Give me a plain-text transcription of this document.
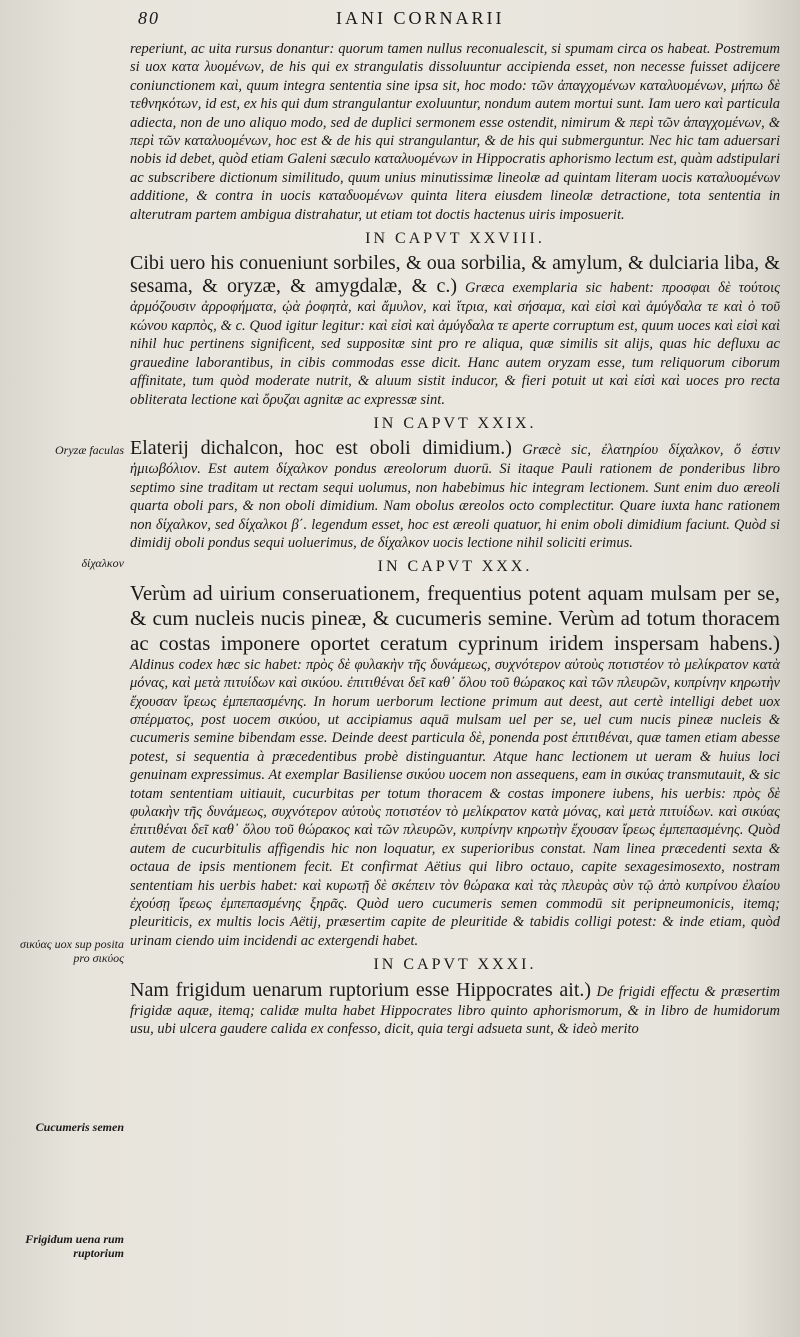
80	IANI CORNARII
Oryzæ faculas
δίχαλκον
σικύας uox sup posita pro σικύος
Cucumeris semen
Frigidum uena rum ruptorium

reperiunt, ac uita rursus donantur: quorum tamen nullus reconualescit, si spumam circa os habeat. Postremum si uox κατα λυομένων, de his qui ex strangulatis dissoluuntur accipienda esset, non necesse fuisset adijcere coniunctionem καὶ, quum integra sententia sine ipsa sit, hoc modo: τῶν ἀπαγχομένων καταλυομένων, μήπω δὲ τεθνηκότων, id est, ex his qui dum strangulantur exoluuntur, nondum autem mortui sunt. Iam uero καὶ particula adiecta, non de uno aliquo modo, sed de duplici sermonem esse ostendit, nimirum & περὶ τῶν ἀπαγχομένων, & περὶ τῶν καταλυομένων, hoc est & de his qui strangulantur, & de his qui submerguntur. Nec hic tam aduersari nobis id debet, quòd etiam Galeni sæculo καταλυομένων in Hippocratis aphorismo lectum est, quàm adstipulari ac subscribere dictionum similitudo, quum unius minutissimæ lineolæ ad quintam literam uocis καταλυομένων additione, & contra in uocis καταδυομένων quinta litera eiusdem lineolæ detractione, tota sententia in alterutram partem ambigua distrahatur, ut etiam tot doctis hactenus uiris imposuerit.

IN CAPVT XXVIII.

Cibi uero his conueniunt sorbiles, & oua sorbilia, & amylum, & dulciaria liba, & sesama, & oryzæ, & amygdalæ, & c.) Græca exemplaria sic habent: προσφαι δὲ τούτοις ἁρμόζουσιν ἀρροφήματα, ᾠὰ ῥοφητὰ, καὶ ἄμυλον, καὶ ἴτρια, καὶ σήσαμα, καὶ εἰσὶ καὶ ἀμύγδαλα τε καὶ ὁ τοῦ κώνου καρπὸς, & c. Quod igitur legitur: καὶ εἰσὶ καὶ ἀμύγδαλα τε aperte corruptum est, quum uoces καὶ εἰσὶ καὶ nihil huc pertinens significent, sed suppositæ sint pro re aliqua, quæ similis sit alijs, quas hic defluxu ac grauedine laborantibus, in cibis commodas esse dicit. Hanc autem oryzam esse, tum reliquorum ciborum affinitate, tum quòd moderate nutrit, & aluum sistit inducor, & fieri potuit ut καὶ εἰσὶ καὶ uoces pro recta obliterata lectione καὶ ὄρυζαι agnitæ ac expressæ sint.

IN CAPVT XXIX.

Elaterij dichalcon, hoc est oboli dimidium.) Græcè sic, ἐλατηρίου δίχαλκον, ὅ ἐστιν ἡμιωβόλιον. Est autem δίχαλκον pondus æreolorum duorū. Si itaque Pauli rationem de ponderibus libro septimo sine traditam ut rectam sequi uolumus, non habebimus hic integram lectionem. Sunt enim duo æreoli quarta oboli pars, & non oboli dimidium. Nam obolus æreolos octo complectitur. Quare iuxta hanc rationem non δίχαλκον, sed δίχαλκοι β΄. legendum esset, hoc est æreoli quatuor, hi enim oboli dimidium faciunt. Quòd si dimidij oboli pondus sequi uoluerimus, de δίχαλκον uocis lectione nihil soliciti erimus.

IN CAPVT XXX.

Verùm ad uirium conseruationem, frequentius potent aquam mulsam per se, & cum nucleis nucis pineæ, & cucumeris semine. Verùm ad totum thoracem ac costas imponere oportet ceratum cyprinum iridem inspersam habens.) Aldinus codex hæc sic habet: πρὸς δὲ φυλακὴν τῆς δυνάμεως, συχνότερον αὐτοὺς ποτιστέον τὸ μελίκρατον κατὰ μόνας, καὶ μετὰ πιτυίδων καὶ σικύου. ἐπιτιθέναι δεῖ καθ᾿ ὅλου τοῦ θώρακος καὶ τῶν πλευρῶν, κυπρίνην κηρωτὴν ἔχουσαν ἴρεως ἐμπεπασμένης. In horum uerborum lectione primum aut deest, aut certè intelligi debet uox σπέρματος, post uocem σικύου, ut accipiamus aquā mulsam uel per se, uel cum nucis pineæ nucleis & cucumeris semine bibendam esse. Deinde deest particula δὲ, ponenda post ἐπιτιθέναι, quæ tamen etiam abesse potest, si sequentia à præcedentibus probè distinguantur. Atque hanc lectionem ut ueram & huius loci genuinam expressimus. At exemplar Basiliense σικύου uocem non assequens, eam in σικύας transmutauit, & sic totam sententiam uitiauit, cucurbitas per totum thoracem & costas imponere iubens, his uerbis: πρὸς δὲ φυλακὴν τῆς δυνάμεως, συχνότερον αὐτοὺς ποτιστέον τὸ μελίκρατον κατὰ μόνας, καὶ μετὰ πιτυίδων. καὶ σικύας ἐπιτιθέναι δεῖ καθ᾿ ὅλου τοῦ θώρακος καὶ τῶν πλευρῶν, κυπρίνην κηρωτὴν ἔχουσαν ἴρεως ἐμπεπασμένης. Quòd autem de cucurbitulis affigendis hic non loquatur, ex superioribus constat. Nam linea præcedenti sexta & octaua de ipsis mentionem fecit. Et confirmat Aëtius qui libro octauo, capite sexagesimosexto, nostram sententiam his uerbis habet: καὶ κυρωτῇ δὲ σκέπειν τὸν θώρακα καὶ τὰς πλευρὰς σὺν τῷ ἀπὸ κυπρίνου ἐλαίου ἐχούσῃ ἴρεως ἐμπεπασμένης ξηρᾶς. Quòd uero cucumeris semen commodū sit peripneumonicis, itemq; pleuriticis, ex multis locis Aëtij, præsertim capite de pleuritide & tabidis colligi potest: & inde etiam, quòd urinam ciendo uim incidendi ac extergendi habet.

IN CAPVT XXXI.

Nam frigidum uenarum ruptorium esse Hippocrates ait.) De frigidi effectu & præsertim frigidæ aquæ, itemq; calidæ multa habet Hippocrates libro quinto aphorismorum, & in libro de humidorum usu, ubi ulcera gaudere calida ex confesso, dicit, quia tergi adsueta sunt, & ideò merito
